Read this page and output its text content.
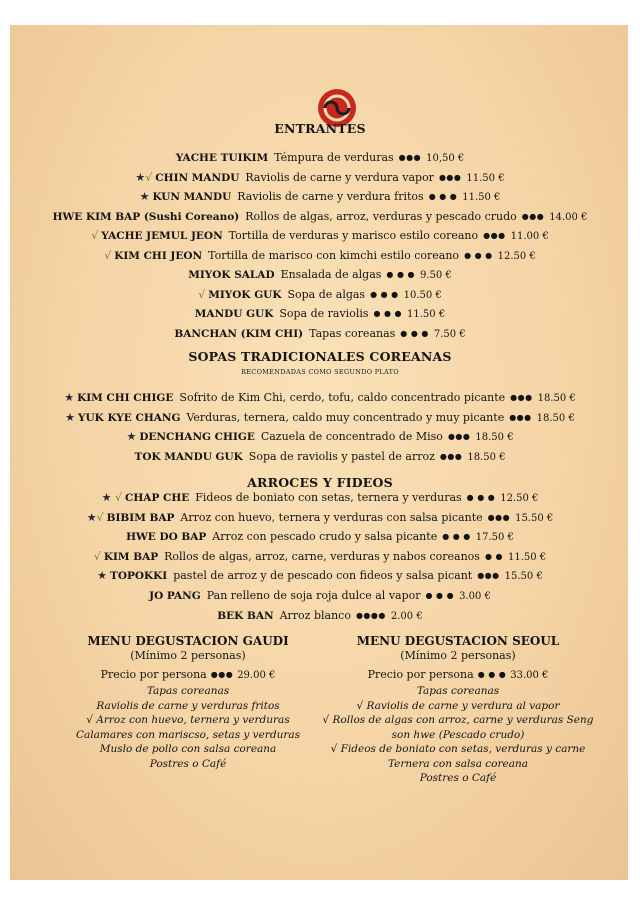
ENTRANTES
YACHE TUIKIM Témpura de verduras ●●● 10,50 €
★√ CHIN MANDU Raviolis de carne y verdura vapor ●●● 11.50 €
★ KUN MANDU Raviolis de carne y verdura fritos ● ● ● 11.50 €
HWE KIM BAP (Sushi Coreano) Rollos de algas, arroz, verduras y pescado crudo ●●● 14.00 €
√ YACHE JEMUL JEON Tortilla de verduras y marisco estilo coreano ●●● 11.00 €
√ KIM CHI JEON Tortilla de marisco con kimchi estilo coreano ● ● ● 12.50 €
MIYOK SALAD Ensalada de algas ● ● ● 9.50 €
√ MIYOK GUK Sopa de algas ● ● ● 10.50 €
MANDU GUK Sopa de raviolis ● ● ● 11.50 €
BANCHAN (KIM CHI) Tapas coreanas ● ● ● 7.50 €
SOPAS TRADICIONALES COREANAS
RECOMENDADAS COMO SEGUNDO PLATO
★ KIM CHI CHIGE Sofrito de Kim Chi, cerdo, tofu, caldo concentrado picante ●●● 18.50 €
★ YUK KYE CHANG Verduras, ternera, caldo muy concentrado y muy picante ●●● 18.50 €
★ DENCHANG CHIGE Cazuela de concentrado de Miso ●●● 18.50 €
TOK MANDU GUK Sopa de raviolis y pastel de arroz ●●● 18.50 €
ARROCES Y FIDEOS
★ √ CHAP CHE Fideos de boniato con setas, ternera y verduras ● ● ● 12.50 €
★√ BIBIM BAP Arroz con huevo, ternera y verduras con salsa picante ●●● 15.50 €
HWE DO BAP Arroz con pescado crudo y salsa picante ● ● ● 17.50 €
√ KIM BAP Rollos de algas, arroz, carne, verduras y nabos coreanos ● ● 11.50 €
★ TOPOKKI pastel de arroz y de pescado con fideos y salsa picant ●●● 15.50 €
JO PANG Pan relleno de soja roja dulce al vapor ● ● ● 3.00 €
BEK BAN Arroz blanco ●●●● 2.00 €
MENU DEGUSTACION GAUDI
(Mínimo 2 personas)
Precio por persona ●●● 29.00 €
Tapas coreanas
Raviolis de carne y verduras fritos
√ Arroz con huevo, ternera y verduras
Calamares con mariscso, setas y verduras
Muslo de pollo con salsa coreana
Postres o Café
MENU DEGUSTACION SEOUL
(Mínimo 2 personas)
Precio por persona ● ● ● 33.00 €
Tapas coreanas
√ Raviolis de carne y verdura al vapor
√ Rollos de algas con arroz, carne y verduras Seng
son hwe (Pescado crudo)
√ Fideos de boniato con setas, verduras y carne
Ternera con salsa coreana
Postres o Café
